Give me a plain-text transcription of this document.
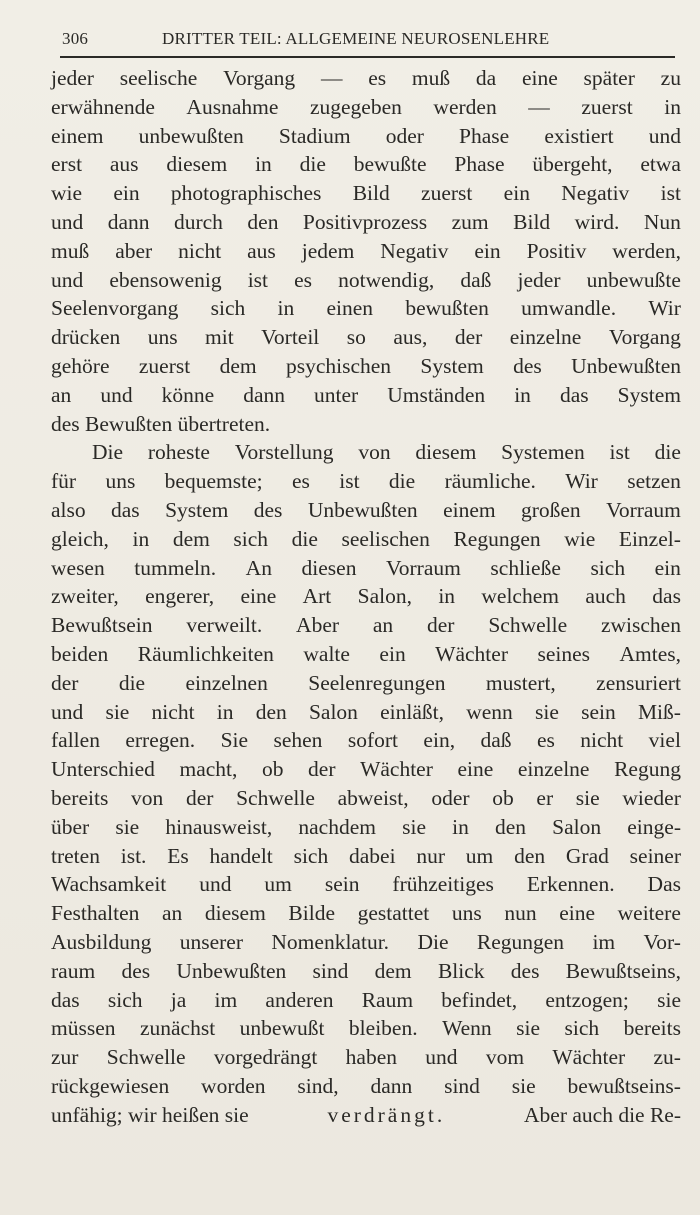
306	DRITTER TEIL: ALLGEMEINE NEUROSENLEHRE
jeder seelische Vorgang — es muß da eine später zu
erwähnende Ausnahme zugegeben werden — zuerst in
einem unbewußten Stadium oder Phase existiert und
erst aus diesem in die bewußte Phase übergeht, etwa
wie ein photographisches Bild zuerst ein Negativ ist
und dann durch den Positivprozess zum Bild wird. Nun
muß aber nicht aus jedem Negativ ein Positiv werden,
und ebensowenig ist es notwendig, daß jeder unbewußte
Seelenvorgang sich in einen bewußten umwandle. Wir
drücken uns mit Vorteil so aus, der einzelne Vorgang
gehöre zuerst dem psychischen System des Unbewußten
an und könne dann unter Umständen in das System
des Bewußten übertreten.
Die roheste Vorstellung von diesem Systemen ist die
für uns bequemste; es ist die räumliche. Wir setzen
also das System des Unbewußten einem großen Vorraum
gleich, in dem sich die seelischen Regungen wie Einzel-
wesen tummeln. An diesen Vorraum schließe sich ein
zweiter, engerer, eine Art Salon, in welchem auch das
Bewußtsein verweilt. Aber an der Schwelle zwischen
beiden Räumlichkeiten walte ein Wächter seines Amtes,
der die einzelnen Seelenregungen mustert, zensuriert
und sie nicht in den Salon einläßt, wenn sie sein Miß-
fallen erregen. Sie sehen sofort ein, daß es nicht viel
Unterschied macht, ob der Wächter eine einzelne Regung
bereits von der Schwelle abweist, oder ob er sie wieder
über sie hinausweist, nachdem sie in den Salon einge-
treten ist. Es handelt sich dabei nur um den Grad seiner
Wachsamkeit und um sein frühzeitiges Erkennen. Das
Festhalten an diesem Bilde gestattet uns nun eine weitere
Ausbildung unserer Nomenklatur. Die Regungen im Vor-
raum des Unbewußten sind dem Blick des Bewußtseins,
das sich ja im anderen Raum befindet, entzogen; sie
müssen zunächst unbewußt bleiben. Wenn sie sich bereits
zur Schwelle vorgedrängt haben und vom Wächter zu-
rückgewiesen worden sind, dann sind sie bewußtseins-
unfähig; wir heißen sie	verdrängt.	Aber auch die Re-
